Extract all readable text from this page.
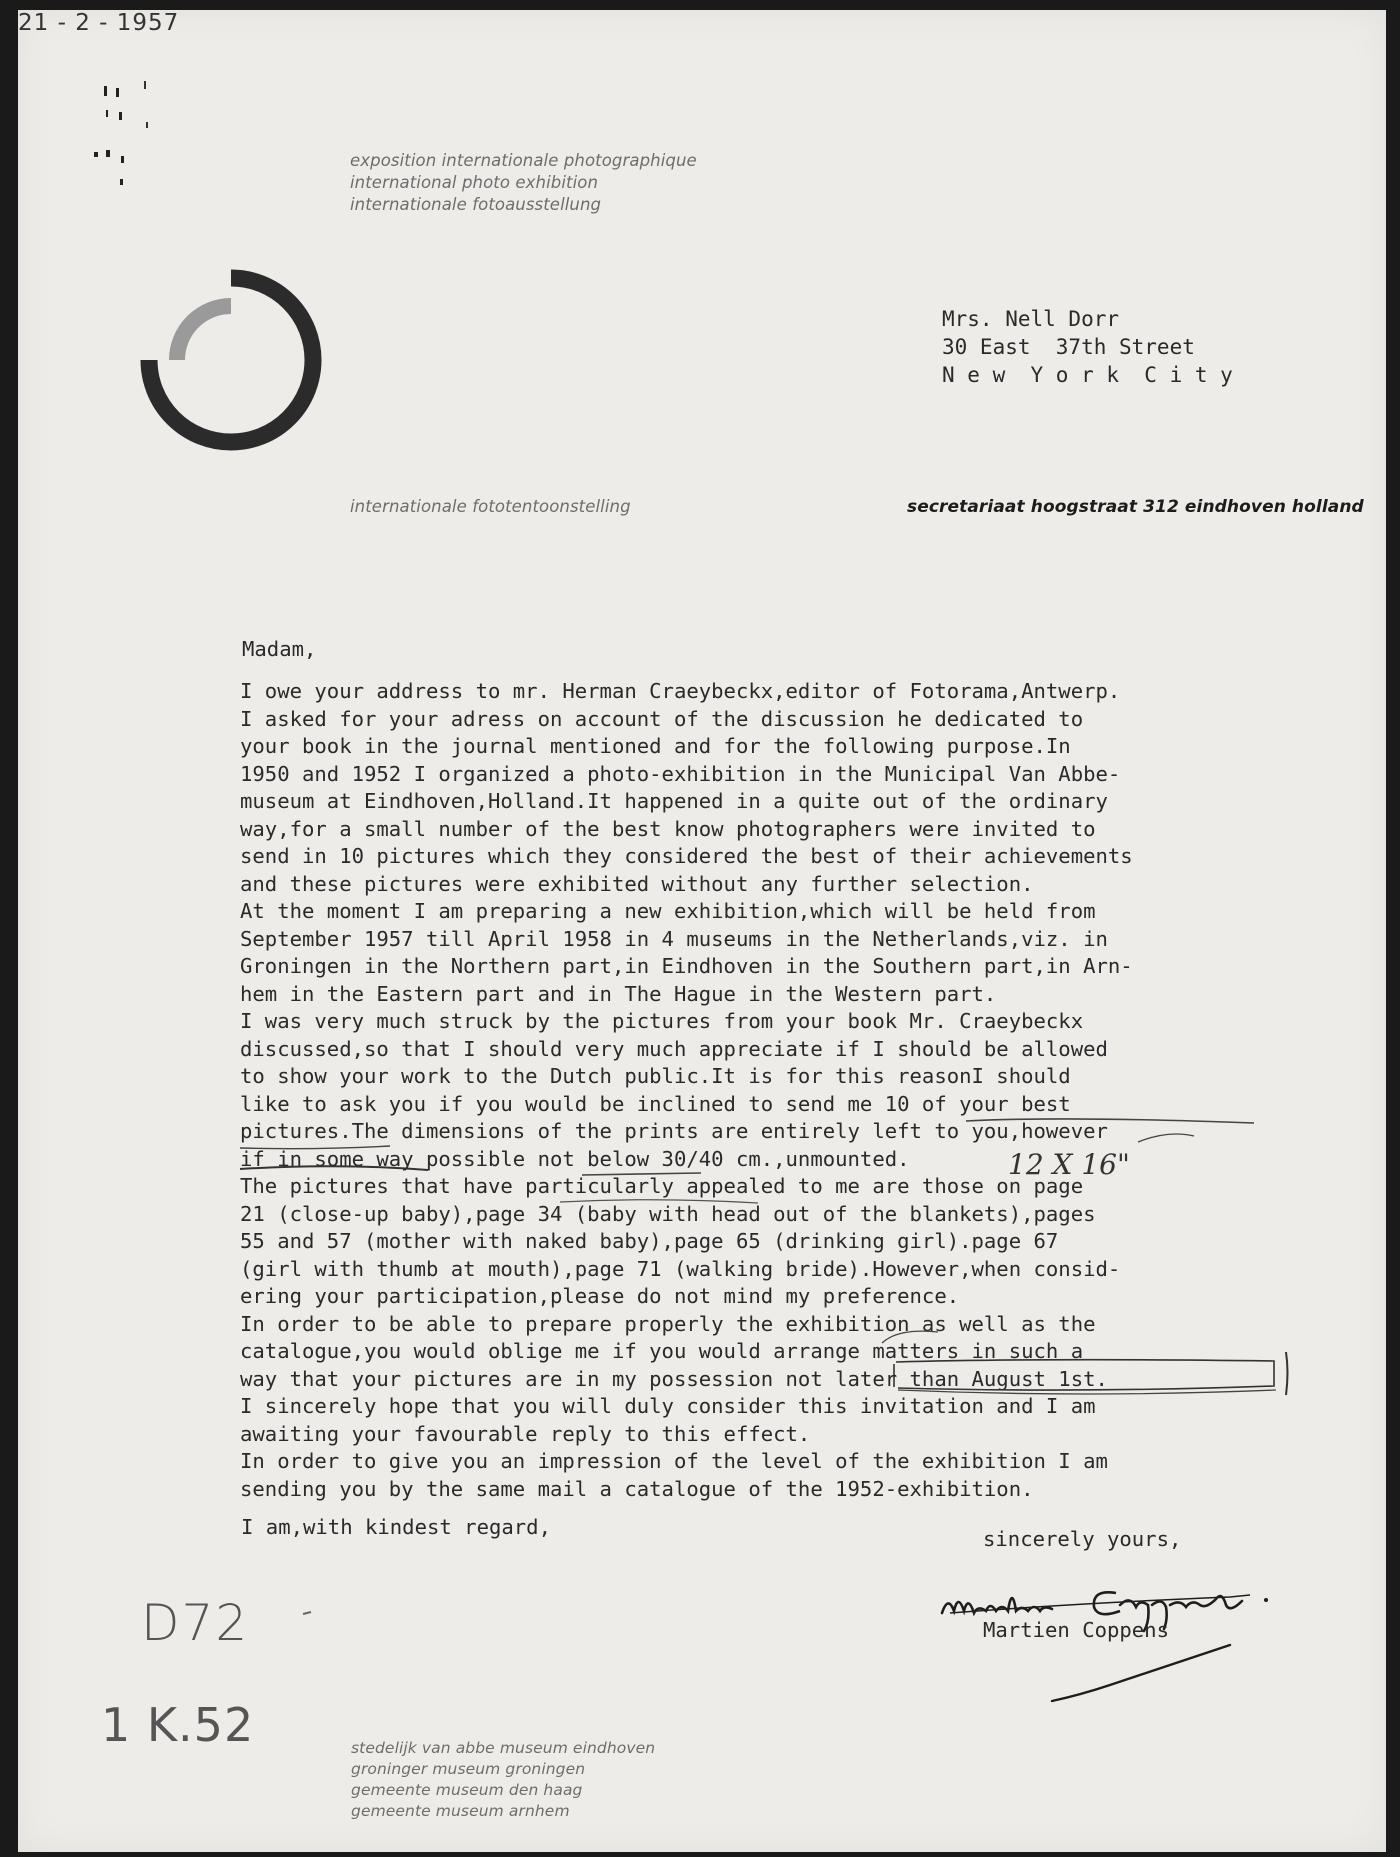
exposition internationale photographique
international photo exhibition
internationale fotoausstellung
internationale fototentoonstelling	secretariaat hoogstraat 312 eindhoven holland
Mrs. Nell Dorr
30 East  37th Street
N e w  Y o r k  C i t y
21 - 2 - 1957
Madam,
I owe your address to mr. Herman Craeybeckx,editor of Fotorama,Antwerp.
I asked for your adress on account of the discussion he dedicated to
your book in the journal mentioned and for the following purpose.In
1950 and 1952 I organized a photo-exhibition in the Municipal Van Abbe-
museum at Eindhoven,Holland.It happened in a quite out of the ordinary
way,for a small number of the best know photographers were invited to
send in 10 pictures which they considered the best of their achievements
and these pictures were exhibited without any further selection.
At the moment I am preparing a new exhibition,which will be held from
September 1957 till April 1958 in 4 museums in the Netherlands,viz. in
Groningen in the Northern part,in Eindhoven in the Southern part,in Arn-
hem in the Eastern part and in The Hague in the Western part.
I was very much struck by the pictures from your book Mr. Craeybeckx
discussed,so that I should very much appreciate if I should be allowed
to show your work to the Dutch public.It is for this reasonI should
like to ask you if you would be inclined to send me 10 of your best
pictures.The dimensions of the prints are entirely left to you,however
if in some way possible not below 30/40 cm.,unmounted.
The pictures that have particularly appealed to me are those on page
21 (close-up baby),page 34 (baby with head out of the blankets),pages
55 and 57 (mother with naked baby),page 65 (drinking girl).page 67
(girl with thumb at mouth),page 71 (walking bride).However,when consid-
ering your participation,please do not mind my preference.
In order to be able to prepare properly the exhibition as well as the
catalogue,you would oblige me if you would arrange matters in such a
way that your pictures are in my possession not later than August 1st.
I sincerely hope that you will duly consider this invitation and I am
awaiting your favourable reply to this effect.
In order to give you an impression of the level of the exhibition I am
sending you by the same mail a catalogue of the 1952-exhibition.
12 X 16"
I am,with kindest regard,	sincerely yours,
Martien Coppens
D72
1 K.52	stedelijk van abbe museum eindhoven
groninger museum groningen
gemeente museum den haag
gemeente museum arnhem
